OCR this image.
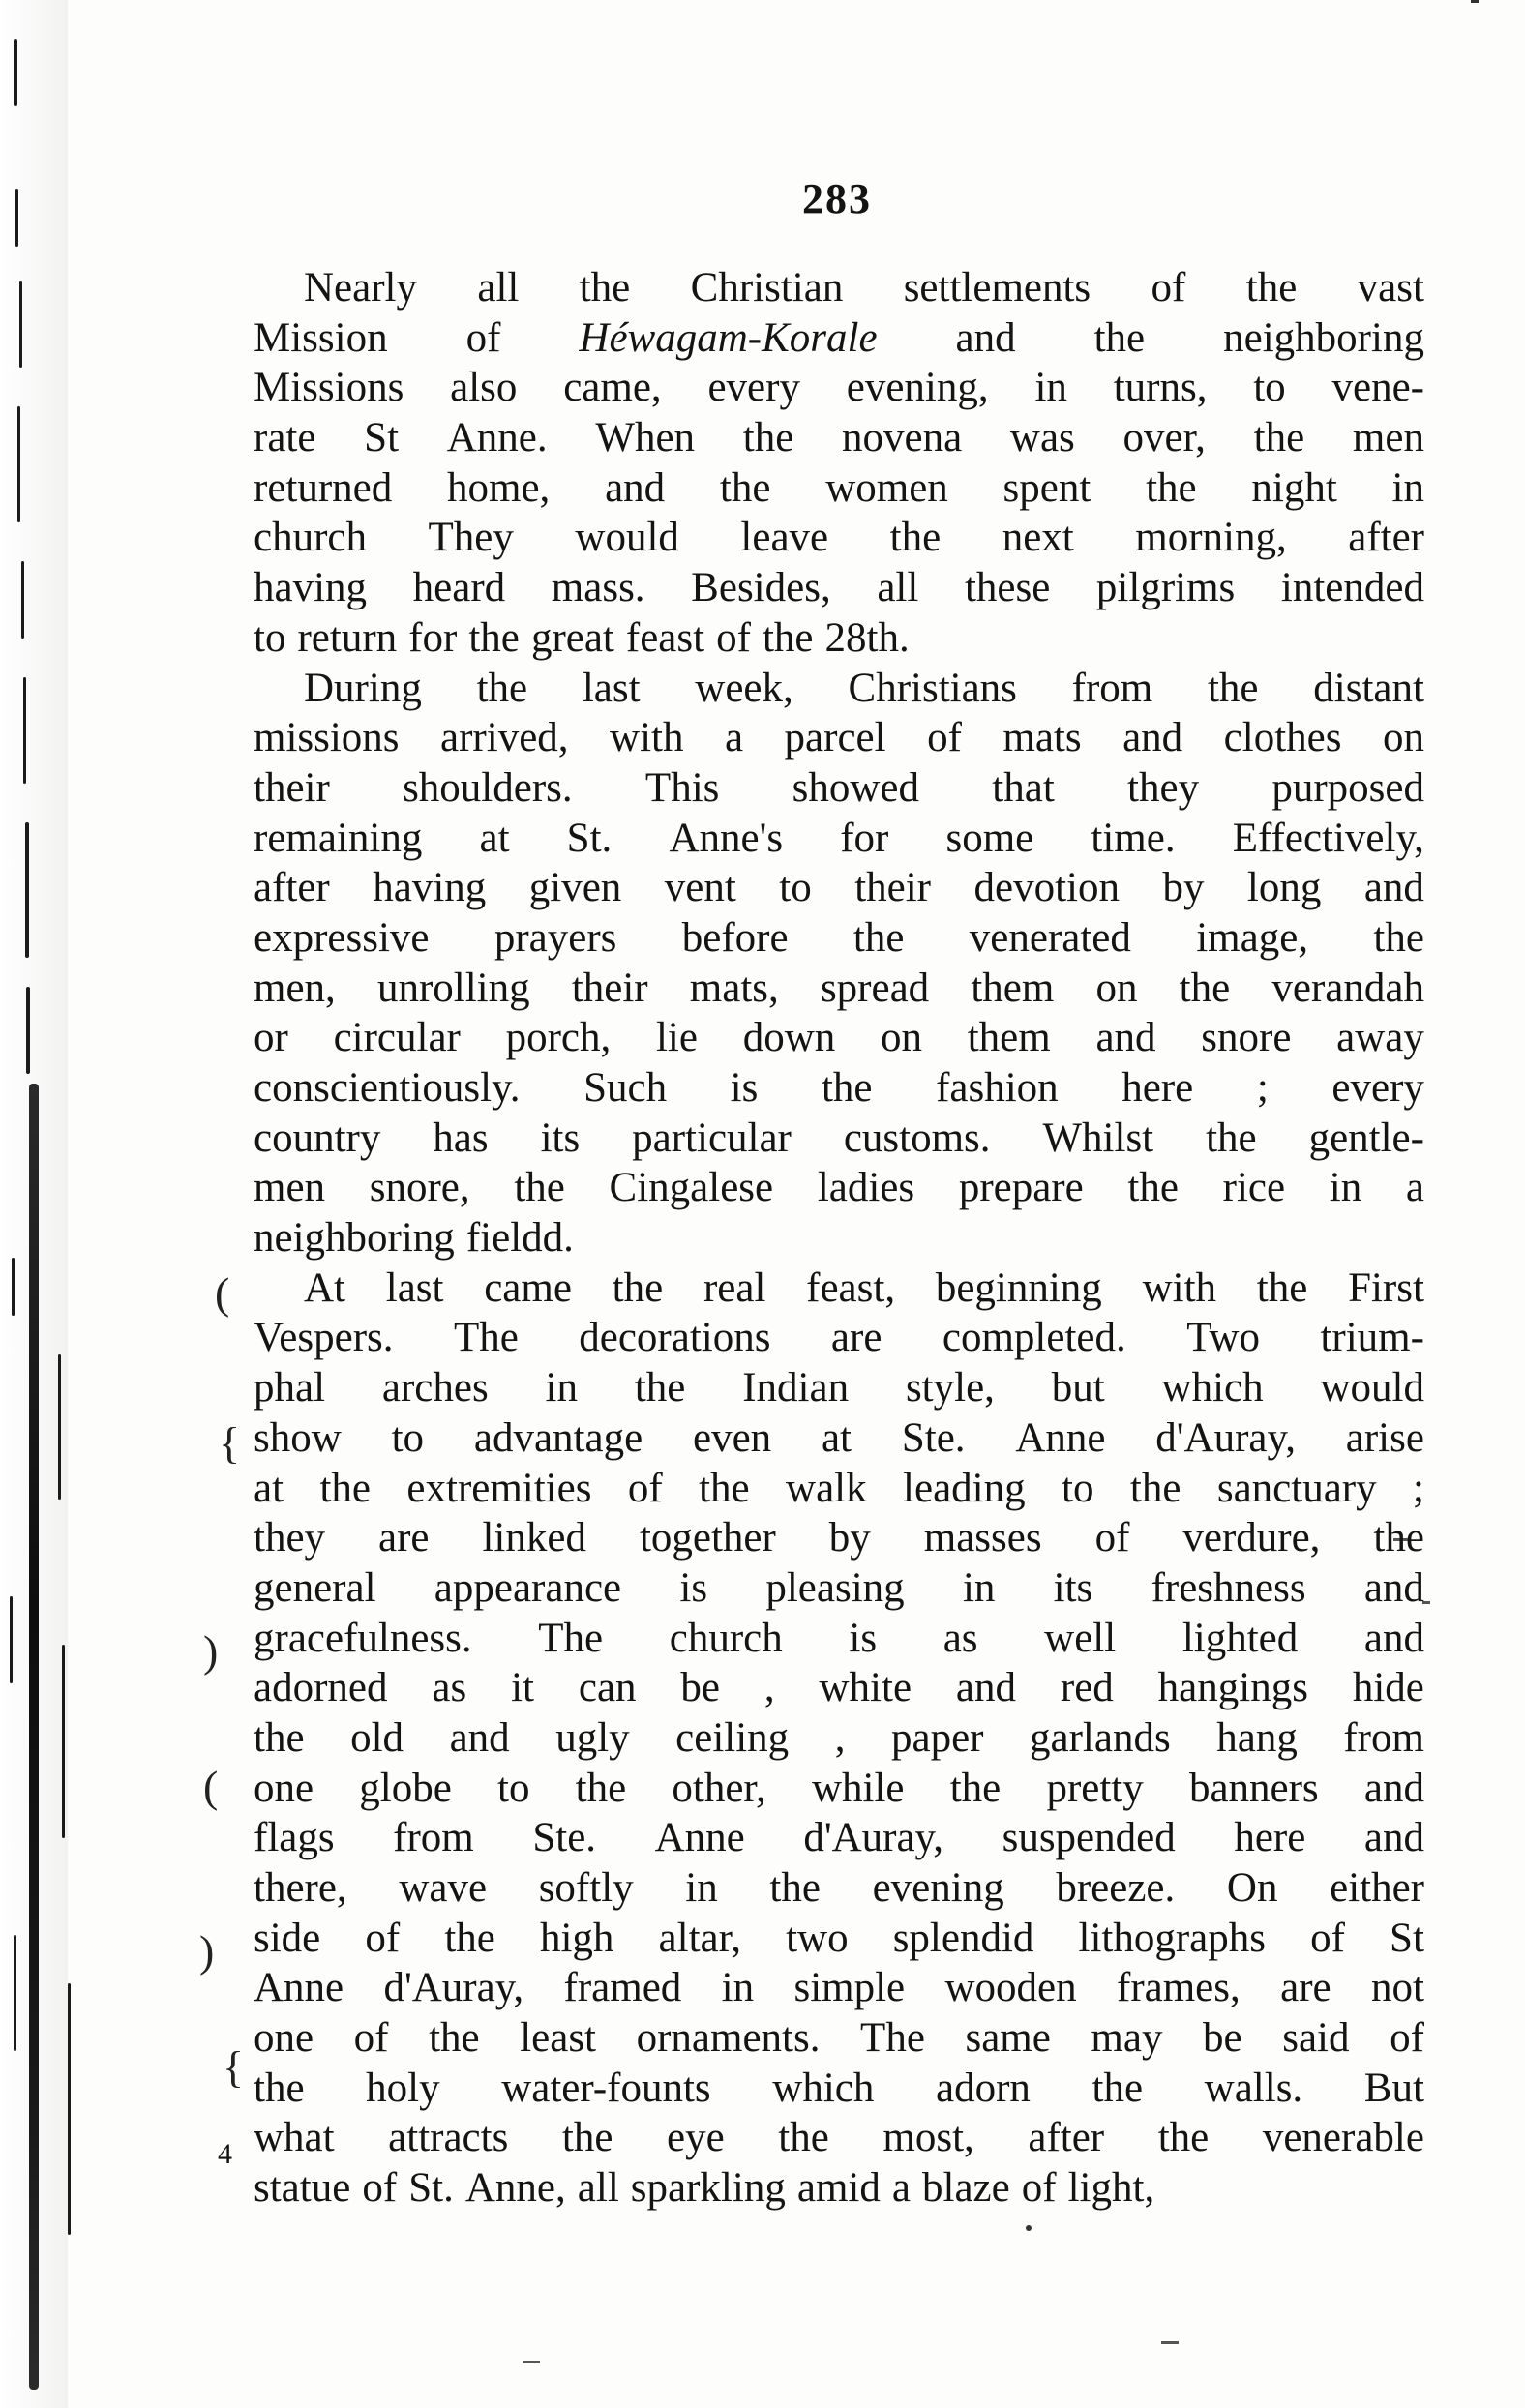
(
{
)
(
)
{
283
4
Nearly all the Christian settlements of the vast
Mission of Héwagam-Korale and the neighboring
Missions also came, every evening, in turns, to vene-
rate St Anne. When the novena was over, the men
returned home, and the women spent the night in
church They would leave the next morning, after
having heard mass. Besides, all these pilgrims intended
to return for the great feast of the 28th.
During the last week, Christians from the distant
missions arrived, with a parcel of mats and clothes on
their shoulders. This showed that they purposed
remaining at St. Anne's for some time. Effectively,
after having given vent to their devotion by long and
expressive prayers before the venerated image, the
men, unrolling their mats, spread them on the verandah
or circular porch, lie down on them and snore away
conscientiously. Such is the fashion here ; every
country has its particular customs. Whilst the gentle-
men snore, the Cingalese ladies prepare the rice in a
neighboring fieldd.
At last came the real feast, beginning with the First
Vespers. The decorations are completed. Two trium-
phal arches in the Indian style, but which would
show to advantage even at Ste. Anne d'Auray, arise
at the extremities of the walk leading to the sanctuary ;
they are linked together by masses of verdure, the
general appearance is pleasing in its freshness and
gracefulness. The church is as well lighted and
adorned as it can be , white and red hangings hide
the old and ugly ceiling , paper garlands hang from
one globe to the other, while the pretty banners and
flags from Ste. Anne d'Auray, suspended here and
there, wave softly in the evening breeze. On either
side of the high altar, two splendid lithographs of St
Anne d'Auray, framed in simple wooden frames, are not
one of the least ornaments. The same may be said of
the holy water-founts which adorn the walls. But
what attracts the eye the most, after the venerable
statue of St. Anne, all sparkling amid a blaze of light,
